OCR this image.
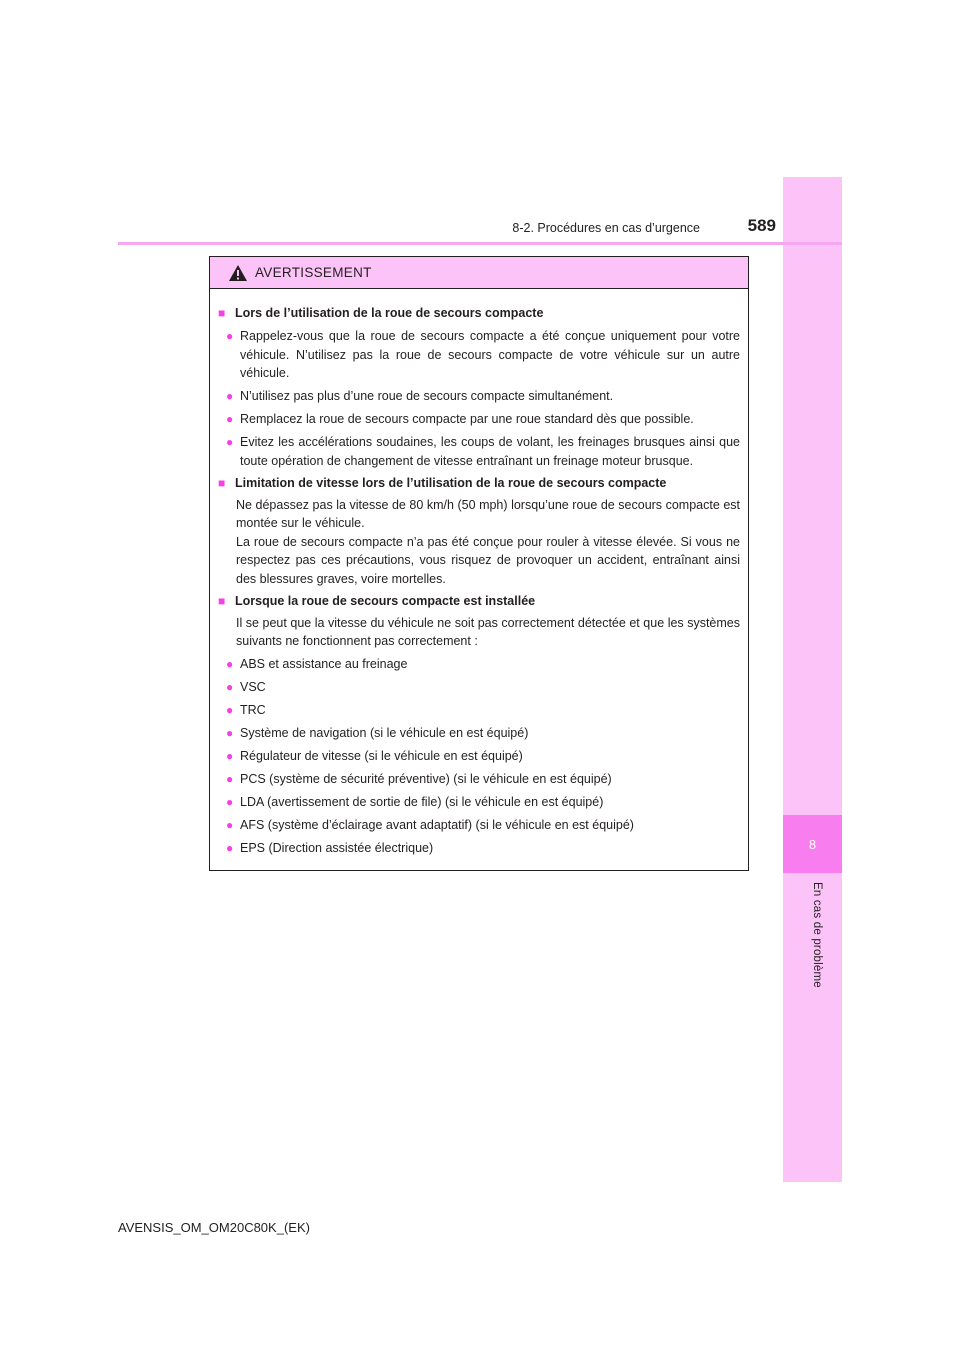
8
En cas de problème
8-2. Procédures en cas d’urgence	589
AVERTISSEMENT
■ Lors de l’utilisation de la roue de secours compacte
● Rappelez-vous que la roue de secours compacte a été conçue uniquement pour votre véhicule. N’utilisez pas la roue de secours compacte de votre véhicule sur un autre véhicule.
● N’utilisez pas plus d’une roue de secours compacte simultanément.
● Remplacez la roue de secours compacte par une roue standard dès que possible.
● Evitez les accélérations soudaines, les coups de volant, les freinages brusques ainsi que toute opération de changement de vitesse entraînant un freinage moteur brusque.
■ Limitation de vitesse lors de l’utilisation de la roue de secours compacte
Ne dépassez pas la vitesse de 80 km/h (50 mph) lorsqu’une roue de secours compacte est montée sur le véhicule.
La roue de secours compacte n’a pas été conçue pour rouler à vitesse élevée. Si vous ne respectez pas ces précautions, vous risquez de provoquer un accident, entraînant ainsi des blessures graves, voire mortelles.
■ Lorsque la roue de secours compacte est installée
Il se peut que la vitesse du véhicule ne soit pas correctement détectée et que les systèmes suivants ne fonctionnent pas correctement :
● ABS et assistance au freinage
● VSC
● TRC
● Système de navigation (si le véhicule en est équipé)
● Régulateur de vitesse (si le véhicule en est équipé)
● PCS (système de sécurité préventive) (si le véhicule en est équipé)
● LDA (avertissement de sortie de file) (si le véhicule en est équipé)
● AFS (système d’éclairage avant adaptatif) (si le véhicule en est équipé)
● EPS (Direction assistée électrique)
AVENSIS_OM_OM20C80K_(EK)
